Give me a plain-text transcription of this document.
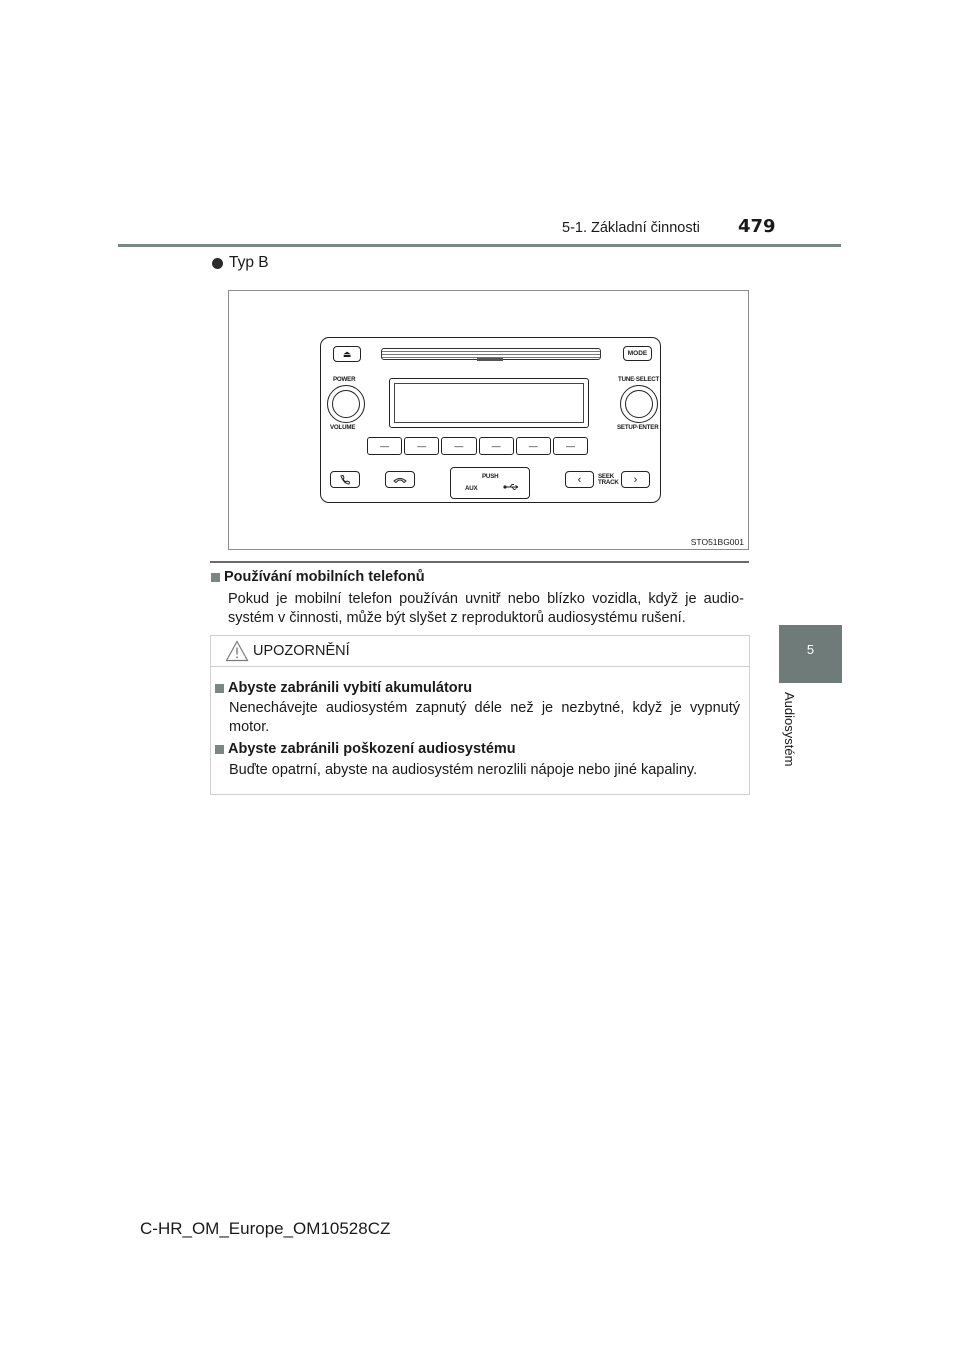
5-1. Základní činnosti 479
5
Audiosystém
Typ B
⏏	MODE
POWER
VOLUME
TUNE·SELECT
SETUP·ENTER
—	—	—	—	—	—
PUSH
AUX
‹	SEEK
TRACK ›
STO51BG001
Používání mobilních telefonů
Pokud je mobilní telefon používán uvnitř nebo blízko vozidla, když je audio-systém v činnosti, může být slyšet z reproduktorů audiosystému rušení.
UPOZORNĚNÍ
Abyste zabránili vybití akumulátoru
Nenechávejte audiosystém zapnutý déle než je nezbytné, když je vypnutý motor.
Abyste zabránili poškození audiosystému
Buďte opatrní, abyste na audiosystém nerozlili nápoje nebo jiné kapaliny.
C-HR_OM_Europe_OM10528CZ
